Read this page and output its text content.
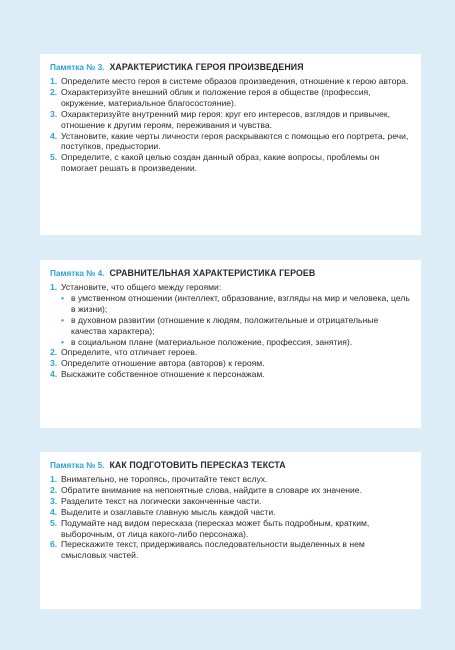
Памятка № 3. ХАРАКТЕРИСТИКА ГЕРОЯ ПРОИЗВЕДЕНИЯ
1. Определите место героя в системе образов произведения, отношение к герою автора.
2. Охарактеризуйте внешний облик и положение героя в обществе (профессия, окружение, материальное благосостояние).
3. Охарактеризуйте внутренний мир героя: круг его интересов, взглядов и привычек, отношение к другим героям, переживания и чувства.
4. Установите, какие черты личности героя раскрываются с помощью его портрета, речи, поступков, предыстории.
5. Определите, с какой целью создан данный образ, какие вопросы, проблемы он помогает решать в произведении.
Памятка № 4. СРАВНИТЕЛЬНАЯ ХАРАКТЕРИСТИКА ГЕРОЕВ
1. Установите, что общего между героями:
• в умственном отношении (интеллект, образование, взгляды на мир и человека, цель в жизни);
• в духовном развитии (отношение к людям, положительные и отрицательные качества характера);
• в социальном плане (материальное положение, профессия, занятия).
2. Определите, что отличает героев.
3. Определите отношение автора (авторов) к героям.
4. Выскажите собственное отношение к персонажам.
Памятка № 5. КАК ПОДГОТОВИТЬ ПЕРЕСКАЗ ТЕКСТА
1. Внимательно, не торопясь, прочитайте текст вслух.
2. Обратите внимание на непонятные слова, найдите в словаре их значение.
3. Разделите текст на логически законченные части.
4. Выделите и озаглавьте главную мысль каждой части.
5. Подумайте над видом пересказа (пересказ может быть подробным, кратким, выборочным, от лица какого-либо персонажа).
6. Перескажите текст, придерживаясь последовательности выделенных в нем смысловых частей.
